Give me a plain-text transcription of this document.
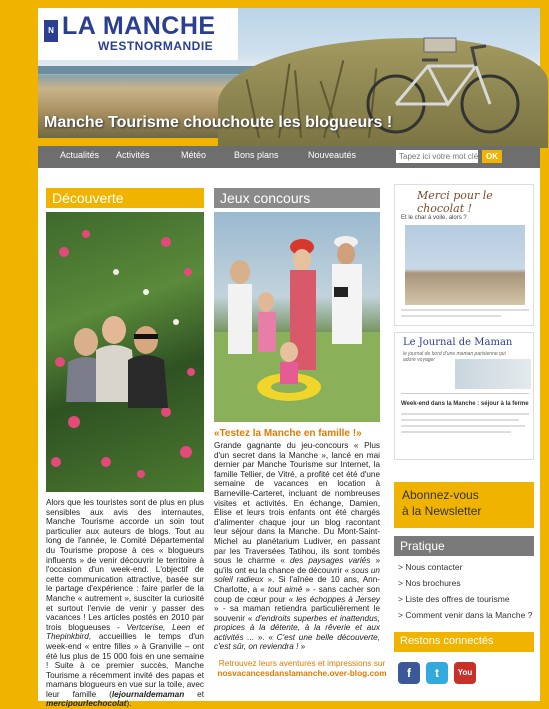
N LA MANCHE
WESTNORMANDIE
Manche Tourisme chouchoute les blogueurs !
Actualités Activités	Météo	Bons plans	Nouveautés
Tapez ici votre mot clé	OK
Découverte
Alors que les touristes sont de plus en plus sensibles aux avis des internautes, Manche Tourisme accorde un soin tout particulier aux auteurs de blogs. Tout au long de l'année, le Comité Départemental du Tourisme propose à ces « blogueurs influents » de venir découvrir le territoire à l'occasion d'un week-end. L'objectif de cette communication attractive, basée sur le partage d'expérience : faire parler de la Manche « autrement », susciter la curiosité et surtout l'envie de venir y passer des vacances ! Les articles postés en 2010 par trois blogueuses - Vertcerise, Leen et Thepinkbird, accueillies le temps d'un week-end « entre filles » à Granville – ont été lus plus de 15 000 fois en une semaine ! Suite à ce premier succès, Manche Tourisme a récemment invité des papas et mamans blogueurs en vue sur la toile, avec leur famille (lejournaldemaman et mercipourlechocolat).
Jeux concours
«Testez la Manche en famille !»
Grande gagnante du jeu-concours « Plus d'un secret dans la Manche », lancé en mai dernier par Manche Tourisme sur Internet, la famille Tellier, de Vitré, a profité cet été d'une semaine de vacances en location à Barneville-Carteret, incluant de nombreuses visites et activités. En échange, Damien, Élise et leurs trois enfants ont été chargés d'alimenter chaque jour un blog racontant leur séjour dans la Manche. Du Mont-Saint-Michel au planétarium Ludiver, en passant par les Traversées Tatihou, ils sont tombés sous le charme « des paysages variés » qu'ils ont eu la chance de découvrir « sous un soleil radieux ». Si l'aînée de 10 ans, Ann-Charlotte, a « tout aimé » - sans cacher son coup de cœur pour « les échoppes à Jersey » - sa maman retiendra particulièrement le souvenir « d'endroits superbes et inattendus, propices à la détente, à la rêverie et aux activités ... ». « C'est une belle découverte, c'est sûr, on reviendra ! »
Retrouvez leurs aventures et impressions sur
nosvacancesdanslamanche.over-blog.com
Merci pour le chocolat !
Et le char à voile, alors ?
Le Journal de Maman
le journal de bord d'une maman parisienne qui adore voyager
Week-end dans la Manche : séjour à la ferme
Abonnez-vous
à la Newsletter
Pratique
> Nous contacter
> Nos brochures
> Liste des offres de tourisme
> Comment venir dans la Manche ?
Restons connectés
f	t	You
